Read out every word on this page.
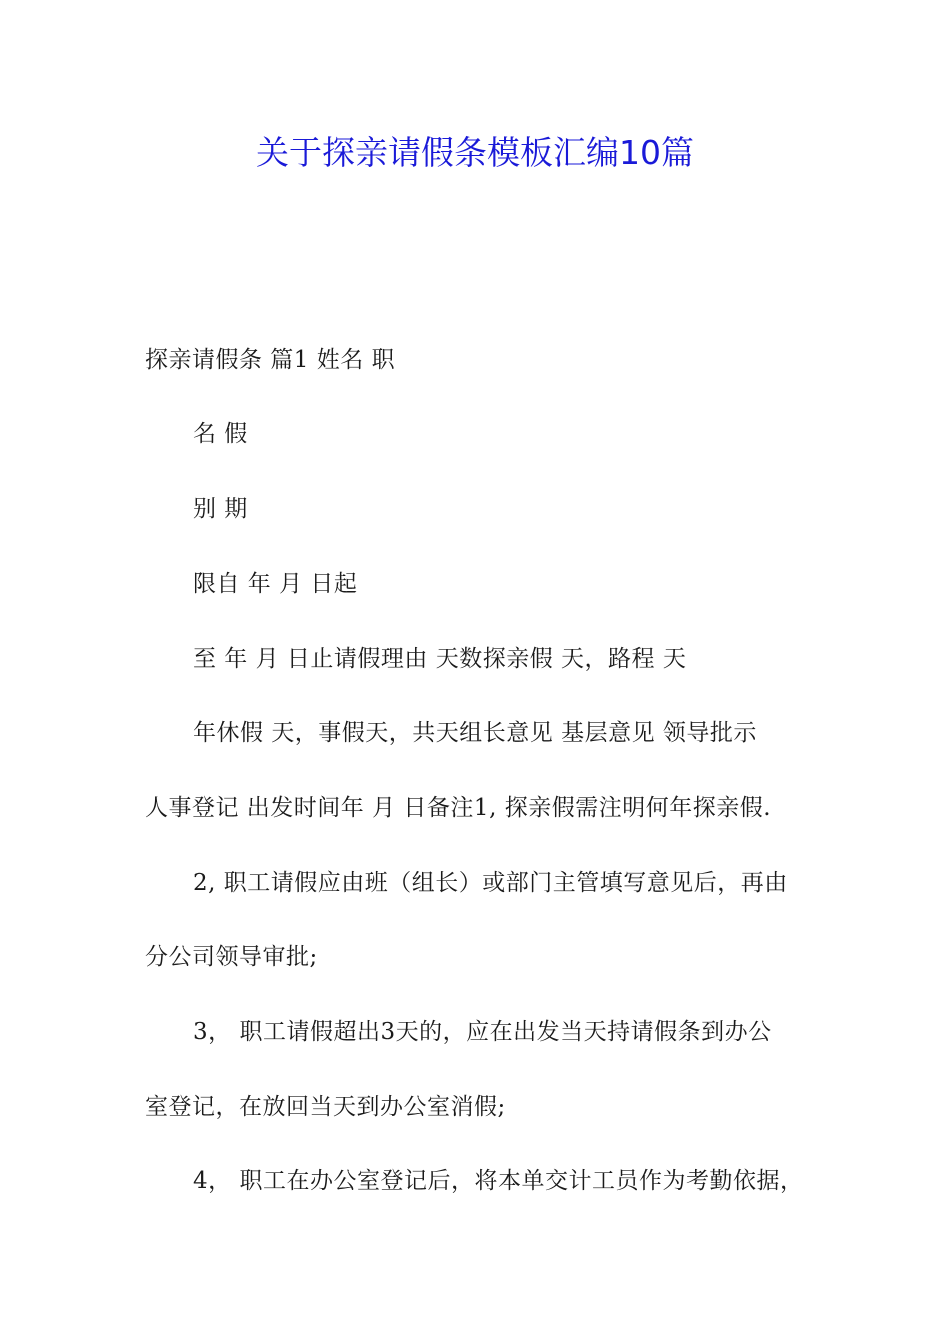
关于探亲请假条模板汇编10篇
探亲请假条 篇1 姓名 职
名 假
别 期
限自 年 月 日起
至 年 月 日止请假理由 天数探亲假 天，路程 天
年休假 天，事假天，共天组长意见 基层意见 领导批示
人事登记 出发时间年 月 日备注1, 探亲假需注明何年探亲假.
2, 职工请假应由班（组长）或部门主管填写意见后，再由
分公司领导审批;
3， 职工请假超出3天的，应在出发当天持请假条到办公
室登记，在放回当天到办公室消假;
4， 职工在办公室登记后，将本单交计工员作为考勤依据，
